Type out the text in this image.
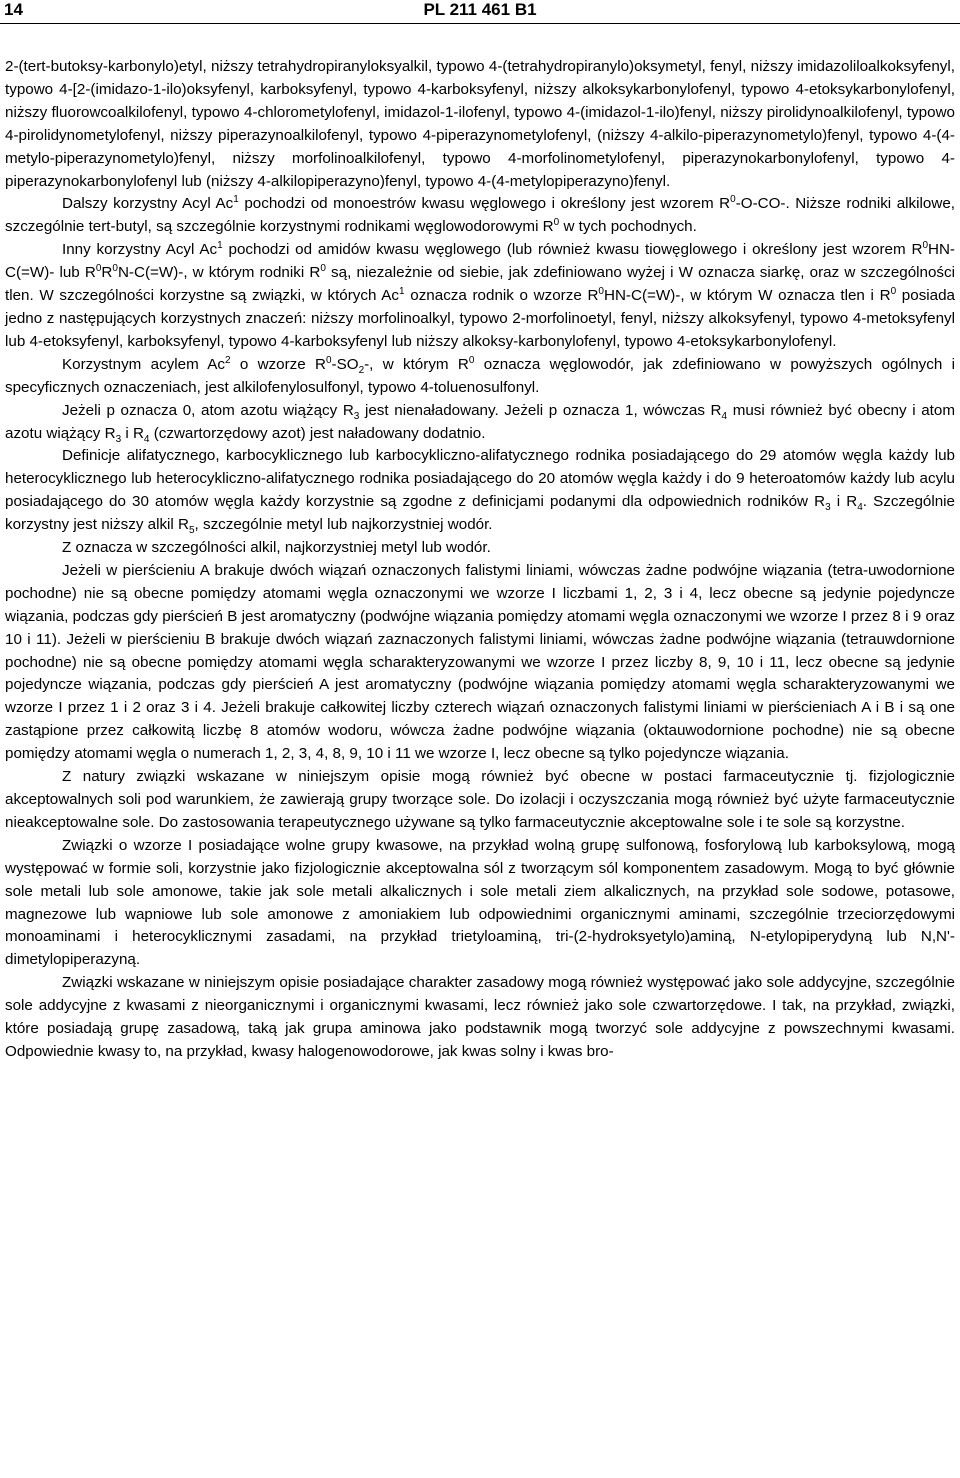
14	PL 211 461 B1

2-(tert-butoksy-karbonylo)etyl, niższy tetrahydropiranyloksyalkil, typowo 4-(tetrahydropiranylo)oksymetyl, fenyl, niższy imidazoliloalkoksyfenyl, typowo 4-[2-(imidazo-1-ilo)oksyfenyl, karboksyfenyl, typowo 4-karboksyfenyl, niższy alkoksykarbonylofenyl, typowo 4-etoksykarbonylofenyl, niższy fluorowcoalkilofenyl, typowo 4-chlorometylofenyl, imidazol-1-ilofenyl, typowo 4-(imidazol-1-ilo)fenyl, niższy pirolidynoalkilofenyl, typowo 4-pirolidynometylofenyl, niższy piperazynoalkilofenyl, typowo 4-piperazynometylofenyl, (niższy 4-alkilo-piperazynometylo)fenyl, typowo 4-(4-metylo-piperazynometylo)fenyl, niższy morfolinoalkilofenyl, typowo 4-morfolinometylofenyl, piperazynokarbonylofenyl, typowo 4-piperazynokarbonylofenyl lub (niższy 4-alkilopiperazyno)fenyl, typowo 4-(4-metylopiperazyno)fenyl.

Dalszy korzystny Acyl Ac$^1$ pochodzi od monoestrów kwasu węglowego i określony jest wzorem $R^0-O-CO-$. Niższe rodniki alkilowe, szczególnie tert-butyl, są szczególnie korzystnymi rodnikami węglowodorowymi $R^0$ w tych pochodnych.

Inny korzystny Acyl Ac$^1$ pochodzi od amidów kwasu węglowego (lub również kwasu tiowęglowego i określony jest wzorem $R^0HN-C(=W)-$ lub $R^0R^0N-C(=W)-$, w którym rodniki $R^0$ są, niezależnie od siebie, jak zdefiniowano wyżej i W oznacza siarkę, oraz w szczególności tlen. W szczególności korzystne są związki, w których Ac$^1$ oznacza rodnik o wzorze $R^0HN-C(=W)-$, w którym W oznacza tlen i $R^0$ posiada jedno z następujących korzystnych znaczeń: niższy morfolinoalkyl, typowo 2-morfolinoetyl, fenyl, niższy alkoksyfenyl, typowo 4-metoksyfenyl lub 4-etoksyfenyl, karboksyfenyl, typowo 4-karboksyfenyl lub niższy alkoksy-karbonylofenyl, typowo 4-etoksykarbonylofenyl.

Korzystnym acylem Ac$^2$ o wzorze $R^0-SO_2-$, w którym $R^0$ oznacza węglowodór, jak zdefiniowano w powyższych ogólnych i specyficznych oznaczeniach, jest alkilofenylosulfonyl, typowo 4-toluenosulfonyl.

Jeżeli p oznacza 0, atom azotu wiążący $R_3$ jest nienaładowany. Jeżeli p oznacza 1, wówczas $R_4$ musi również być obecny i atom azotu wiążący $R_3$ i $R_4$ (czwartorzędowy azot) jest naładowany dodatnio.

Definicje alifatycznego, karbocyklicznego lub karbocykliczno-alifatycznego rodnika posiadającego do 29 atomów węgla każdy lub heterocyklicznego lub heterocykliczno-alifatycznego rodnika posiadającego do 20 atomów węgla każdy i do 9 heteroatomów każdy lub acylu posiadającego do 30 atomów węgla każdy korzystnie są zgodne z definicjami podanymi dla odpowiednich rodników $R_3$ i $R_4$. Szczególnie korzystny jest niższy alkil $R_5$, szczególnie metyl lub najkorzystniej wodór.

Z oznacza w szczególności alkil, najkorzystniej metyl lub wodór.

Jeżeli w pierścieniu A brakuje dwóch wiązań oznaczonych falistymi liniami, wówczas żadne podwójne wiązania (tetra-uwodornione pochodne) nie są obecne pomiędzy atomami węgla oznaczonymi we wzorze I liczbami 1, 2, 3 i 4, lecz obecne są jedynie pojedyncze wiązania, podczas gdy pierścień B jest aromatyczny (podwójne wiązania pomiędzy atomami węgla oznaczonymi we wzorze I przez 8 i 9 oraz 10 i 11). Jeżeli w pierścieniu B brakuje dwóch wiązań zaznaczonych falistymi liniami, wówczas żadne podwójne wiązania (tetrauwdornione pochodne) nie są obecne pomiędzy atomami węgla scharakteryzowanymi we wzorze I przez liczby 8, 9, 10 i 11, lecz obecne są jedynie pojedyncze wiązania, podczas gdy pierścień A jest aromatyczny (podwójne wiązania pomiędzy atomami węgla scharakteryzowanymi we wzorze I przez 1 i 2 oraz 3 i 4. Jeżeli brakuje całkowitej liczby czterech wiązań oznaczonych falistymi liniami w pierścieniach A i B i są one zastąpione przez całkowitą liczbę 8 atomów wodoru, wówcza żadne podwójne wiązania (oktauwodornione pochodne) nie są obecne pomiędzy atomami węgla o numerach 1, 2, 3, 4, 8, 9, 10 i 11 we wzorze I, lecz obecne są tylko pojedyncze wiązania.

Z natury związki wskazane w niniejszym opisie mogą również być obecne w postaci farmaceutycznie tj. fizjologicznie akceptowalnych soli pod warunkiem, że zawierają grupy tworzące sole. Do izolacji i oczyszczania mogą również być użyte farmaceutycznie nieakceptowalne sole. Do zastosowania terapeutycznego używane są tylko farmaceutycznie akceptowalne sole i te sole są korzystne.

Związki o wzorze I posiadające wolne grupy kwasowe, na przykład wolną grupę sulfonową, fosforylową lub karboksylową, mogą występować w formie soli, korzystnie jako fizjologicznie akceptowalna sól z tworzącym sól komponentem zasadowym. Mogą to być głównie sole metali lub sole amonowe, takie jak sole metali alkalicznych i sole metali ziem alkalicznych, na przykład sole sodowe, potasowe, magnezowe lub wapniowe lub sole amonowe z amoniakiem lub odpowiednimi organicznymi aminami, szczególnie trzeciorzędowymi monoaminami i heterocyklicznymi zasadami, na przykład trietyloaminą, tri-(2-hydroksyetylo)aminą, N-etylopiperydyną lub N,N'-dimetylopiperazyną.

Związki wskazane w niniejszym opisie posiadające charakter zasadowy mogą również występować jako sole addycyjne, szczególnie sole addycyjne z kwasami z nieorganicznymi i organicznymi kwasami, lecz również jako sole czwartorzędowe. I tak, na przykład, związki, które posiadają grupę zasadową, taką jak grupa aminowa jako podstawnik mogą tworzyć sole addycyjne z powszechnymi kwasami. Odpowiednie kwasy to, na przykład, kwasy halogenowodorowe, jak kwas solny i kwas bro-
